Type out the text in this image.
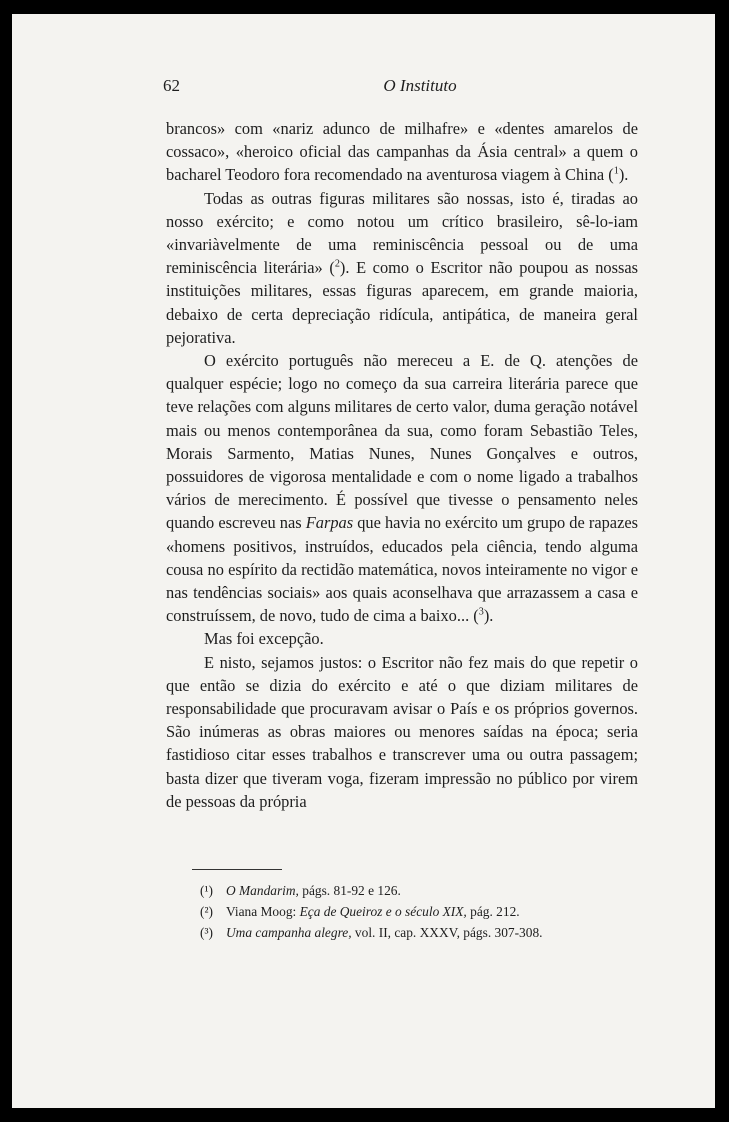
62	O Instituto

brancos» com «nariz adunco de milhafre» e «dentes amarelos de cossaco», «heroico oficial das campanhas da Ásia central» a quem o bacharel Teodoro fora recomendado na aventurosa viagem à China ($^1$).

Todas as outras figuras militares são nossas, isto é, tiradas ao nosso exército; e como notou um crítico brasileiro, sê-lo-iam «invariàvelmente de uma reminiscência pessoal ou de uma reminiscência literária» ($^2$). E como o Escritor não poupou as nossas instituições militares, essas figuras aparecem, em grande maioria, debaixo de certa depreciação ridícula, antipática, de maneira geral pejorativa.

O exército português não mereceu a E. de Q. atenções de qualquer espécie; logo no começo da sua carreira literária parece que teve relações com alguns militares de certo valor, duma geração notável mais ou menos contemporânea da sua, como foram Sebastião Teles, Morais Sarmento, Matias Nunes, Nunes Gonçalves e outros, possuidores de vigorosa mentalidade e com o nome ligado a trabalhos vários de merecimento. É possível que tivesse o pensamento neles quando escreveu nas Farpas que havia no exército um grupo de rapazes «homens positivos, instruídos, educados pela ciência, tendo alguma cousa no espírito da rectidão matemática, novos inteiramente no vigor e nas tendências sociais» aos quais aconselhava que arrazassem a casa e construíssem, de novo, tudo de cima a baixo... ($^3$).

Mas foi excepção.

E nisto, sejamos justos: o Escritor não fez mais do que repetir o que então se dizia do exército e até o que diziam militares de responsabilidade que procuravam avisar o País e os próprios governos. São inúmeras as obras maiores ou menores saídas na época; seria fastidioso citar esses trabalhos e transcrever uma ou outra passagem; basta dizer que tiveram voga, fizeram impressão no público por virem de pessoas da própria

(¹) O Mandarim, págs. 81-92 e 126.
(²) Viana Moog: Eça de Queiroz e o século XIX, pág. 212.
(³) Uma campanha alegre, vol. II, cap. XXXV, págs. 307-308.
